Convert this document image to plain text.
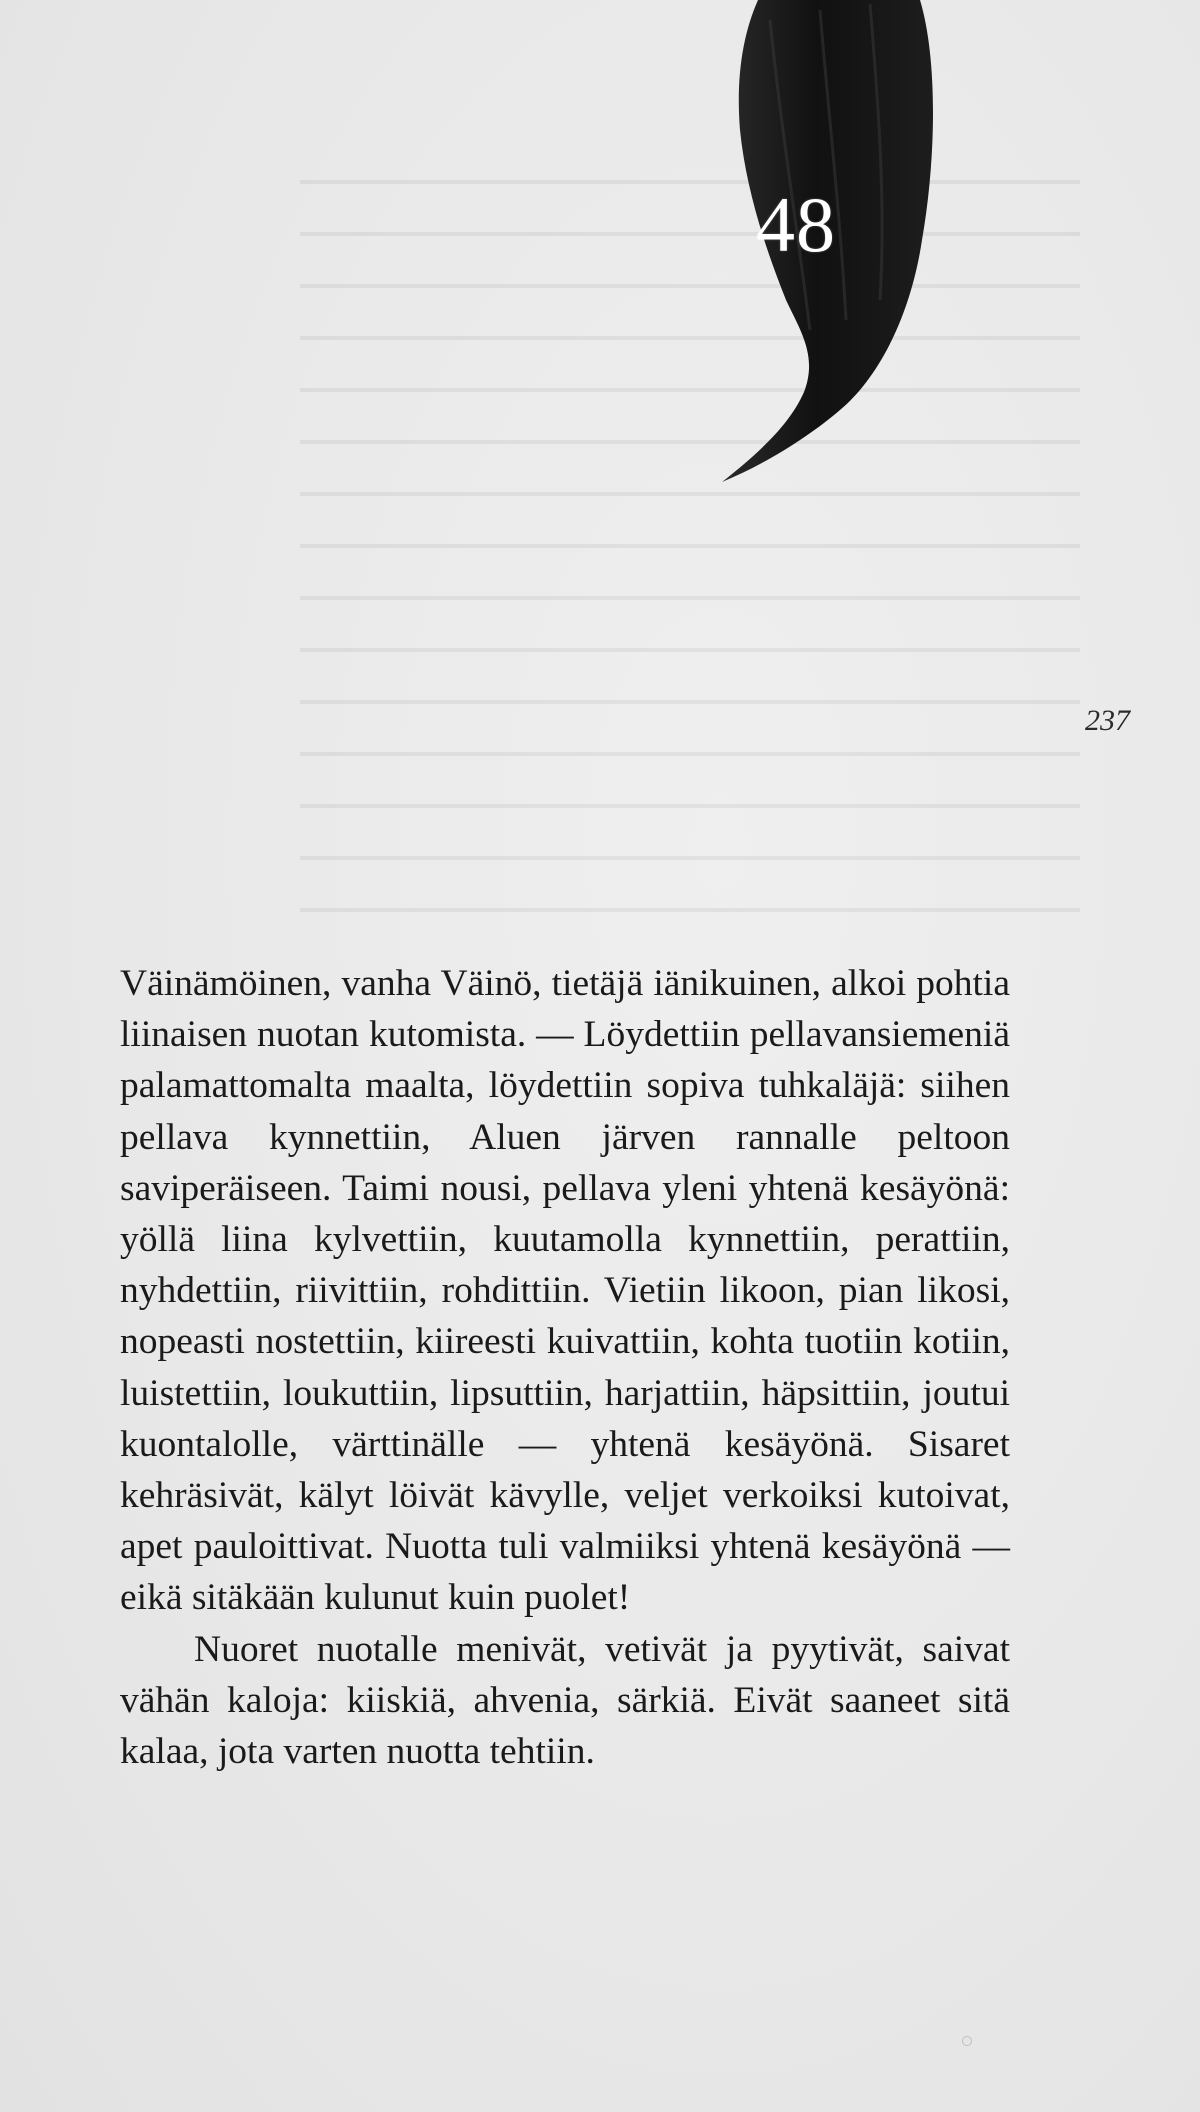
48
237

Väinämöinen, vanha Väinö, tietäjä iänikuinen, alkoi pohtia liinaisen nuotan kutomista. — Löydettiin pellavansiemeniä palamattomalta maalta, löydettiin sopiva tuhkaläjä: siihen pellava kynnettiin, Aluen järven rannalle peltoon saviperäiseen. Taimi nousi, pellava yleni yhtenä kesäyönä: yöllä liina kylvettiin, kuutamolla kynnettiin, perattiin, nyhdettiin, riivittiin, rohdittiin. Vietiin likoon, pian likosi, nopeasti nostettiin, kiireesti kuivattiin, kohta tuotiin kotiin, luistettiin, loukuttiin, lipsuttiin, harjattiin, häpsittiin, joutui kuontalolle, värttinälle — yhtenä kesäyönä. Sisaret kehräsivät, kälyt löivät kävylle, veljet verkoiksi kutoivat, apet pauloittivat. Nuotta tuli valmiiksi yhtenä kesäyönä — eikä sitäkään kulunut kuin puolet!

Nuoret nuotalle menivät, vetivät ja pyytivät, saivat vähän kaloja: kiiskiä, ahvenia, särkiä. Eivät saaneet sitä kalaa, jota varten nuotta tehtiin.
